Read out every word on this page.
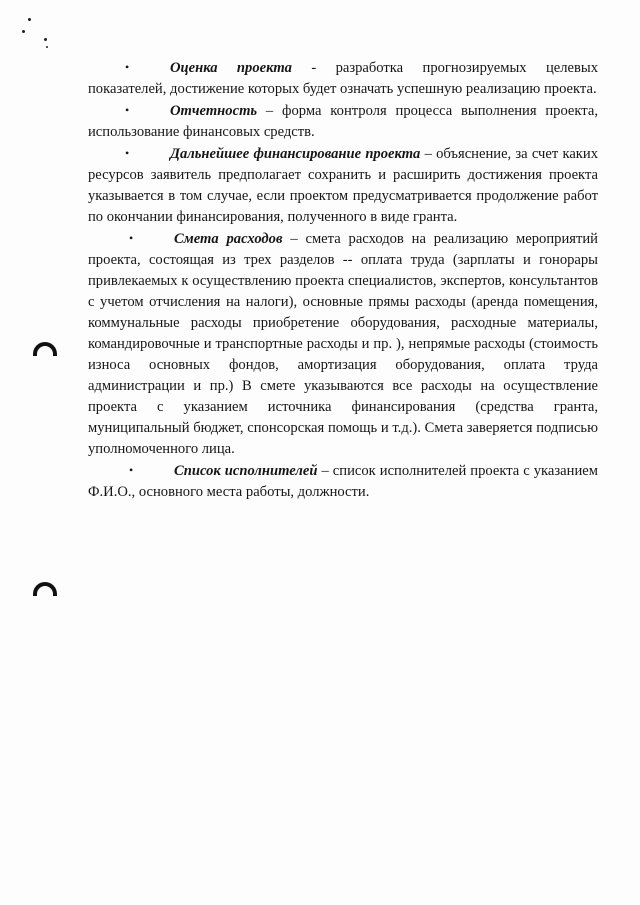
•	Оценка проекта - разработка прогнозируемых целевых показателей, достижение которых будет означать успешную реализацию проекта.

•	Отчетность – форма контроля процесса выполнения проекта, использование финансовых средств.

•	Дальнейшее финансирование проекта – объяснение, за счет каких ресурсов заявитель предполагает сохранить и расширить достижения проекта указывается в том случае, если проектом предусматривается продолжение работ по окончании финансирования, полученного в виде гранта.

•	Смета расходов – смета расходов на реализацию мероприятий проекта, состоящая из трех разделов -- оплата труда (зарплаты и гонорары привлекаемых к осуществлению проекта специалистов, экспертов, консультантов с учетом отчисления на налоги), основные прямы расходы (аренда помещения, коммунальные расходы приобретение оборудования, расходные материалы, командировочные и транспортные расходы и пр. ), непрямые расходы (стоимость износа основных фондов, амортизация оборудования, оплата труда администрации и пр.) В смете указываются все расходы на осуществление проекта с указанием источника финансирования (средства гранта, муниципальный бюджет, спонсорская помощь и т.д.). Смета заверяется подписью уполномоченного лица.

•	Список исполнителей – список исполнителей проекта с указанием Ф.И.О., основного места работы, должности.
